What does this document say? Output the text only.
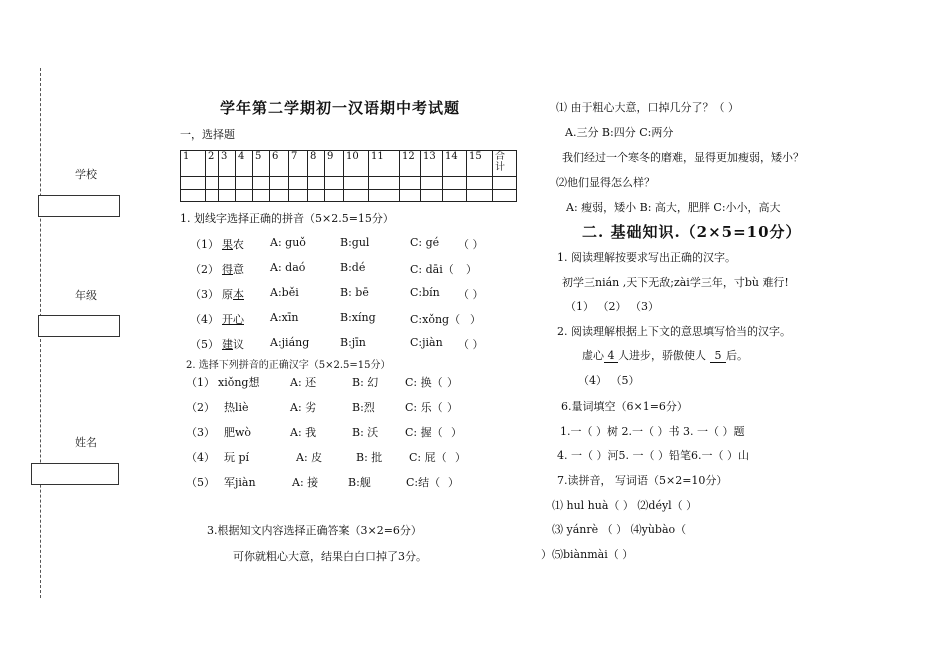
学校
年级
姓名
学年第二学期初一汉语期中考试题
一，选择题
1	2	3	4	5	6	7	8	9	10	11	12	13	14	15	合计

1. 划线字选择正确的拼音（5×2.5=15分）
（1） 果农 A: guǒ	B:gul	C: gé （ ）
（2） 得意 A: daó	B:dé	C: dāi（ ）
（3） 原本 A:běi	B: bē	C:bín （ ）
（4） 开心 A:xīn	B:xíng	C:xǒng（ ）
（5） 建议 A:jiáng	B:jīn	C:jiàn （ ）
2. 选择下列拼音的正确汉字（5×2.5=15分）
（1） xiǒng想	A: 还	B: 幻 C: 换（ ）
（2） 热liè	A: 劣	B:烈	C: 乐（ ）
（3） 肥wò	A: 我	B: 沃 C: 握（ ）
（4） 玩 pí	A: 皮	B: 批 C: 屁（ ）
（5） 军jiàn	A: 接	B:舰	C:结（ ）
3.根据知文内容选择正确答案（3×2=6分）
可你就粗心大意，结果白白口掉了3分。
⑴ 由于粗心大意，口掉几分了？（ ）
A.三分 B:四分 C:两分
我们经过一个寒冬的磨难，显得更加瘦弱，矮小？
⑵他们显得怎么样？
A: 瘦弱，矮小 B: 高大，肥胖 C:小小，高大
二. 基础知识.（2×5=10分）
1. 阅读理解按要求写出正确的汉字。
初学三nián ,天下无敌;zài学三年，寸bù 难行!
（1） （2） （3）
2. 阅读理解根据上下文的意思填写恰当的汉字。
虚心 4 人进步，骄傲使人 5 后。
（4） （5）
6.量词填空（6×1=6分）
1.一（ ）树 2.一（ ）书 3. 一（ ）题
4. 一（ ）河5. 一（ ）铅笔6.一（ ）山
7.读拼音， 写词语（5×2=10分）
⑴ hul huà（ ） ⑵déyl（ ）
⑶ yánrè （ ） ⑷yùbào（
）⑸biànmài（ ）
